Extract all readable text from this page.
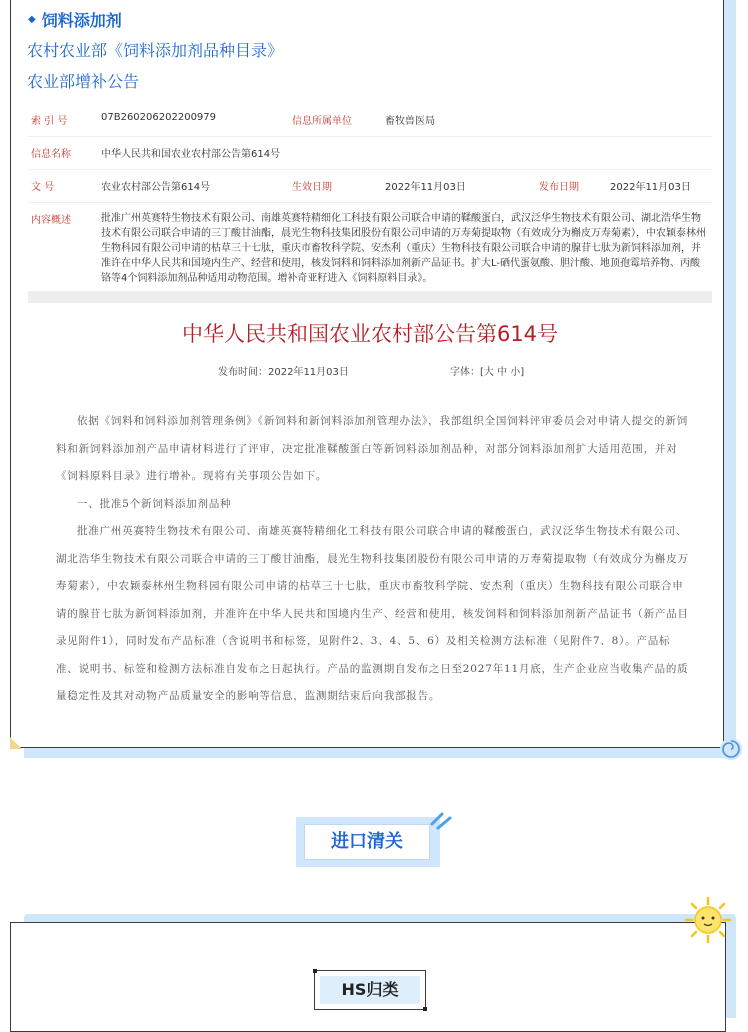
◆ 饲料添加剂
农村农业部《饲料添加剂品种目录》
农业部增补公告
索 引 号	07B260206202200979	信息所属单位	畜牧兽医局
信息名称	中华人民共和国农业农村部公告第614号
文 号	农业农村部公告第614号	生效日期	2022年11月03日	发布日期	2022年11月03日
内容概述	批准广州英赛特生物技术有限公司、南雄英赛特精细化工科技有限公司联合申请的鞣酸蛋白，武汉泛华生物技术有限公司、湖北浩华生物技术有限公司联合申请的三丁酸甘油酯，晨光生物科技集团股份有限公司申请的万寿菊提取物（有效成分为槲皮万寿菊素），中农颖泰林州生物科园有限公司申请的枯草三十七肽，重庆市畜牧科学院、安杰利（重庆）生物科技有限公司联合申请的腺苷七肽为新饲料添加剂，并准许在中华人民共和国境内生产、经营和使用，核发饲料和饲料添加剂新产品证书。扩大L-硒代蛋氨酸、胆汁酸、地顶孢霉培养物、丙酸铬等4个饲料添加剂品种适用动物范围。增补奇亚籽进入《饲料原料目录》。
中华人民共和国农业农村部公告第614号
发布时间：2022年11月03日	字体：[大 中 小]

依据《饲料和饲料添加剂管理条例》《新饲料和新饲料添加剂管理办法》，我部组织全国饲料评审委员会对申请人提交的新饲料和新饲料添加剂产品申请材料进行了评审，决定批准鞣酸蛋白等新饲料添加剂品种，对部分饲料添加剂扩大适用范围，并对《饲料原料目录》进行增补。现将有关事项公告如下。

一、批准5个新饲料添加剂品种

批准广州英赛特生物技术有限公司、南雄英赛特精细化工科技有限公司联合申请的鞣酸蛋白，武汉泛华生物技术有限公司、湖北浩华生物技术有限公司联合申请的三丁酸甘油酯，晨光生物科技集团股份有限公司申请的万寿菊提取物（有效成分为槲皮万寿菊素），中农颖泰林州生物科园有限公司申请的枯草三十七肽，重庆市畜牧科学院、安杰利（重庆）生物科技有限公司联合申请的腺苷七肽为新饲料添加剂，并准许在中华人民共和国境内生产、经营和使用，核发饲料和饲料添加剂新产品证书（新产品目录见附件1），同时发布产品标准（含说明书和标签，见附件2、3、4、5、6）及相关检测方法标准（见附件7、8）。产品标准、说明书、标签和检测方法标准自发布之日起执行。产品的监测期自发布之日至2027年11月底，生产企业应当收集产品的质量稳定性及其对动物产品质量安全的影响等信息，监测期结束后向我部报告。

进口清关
HS归类
